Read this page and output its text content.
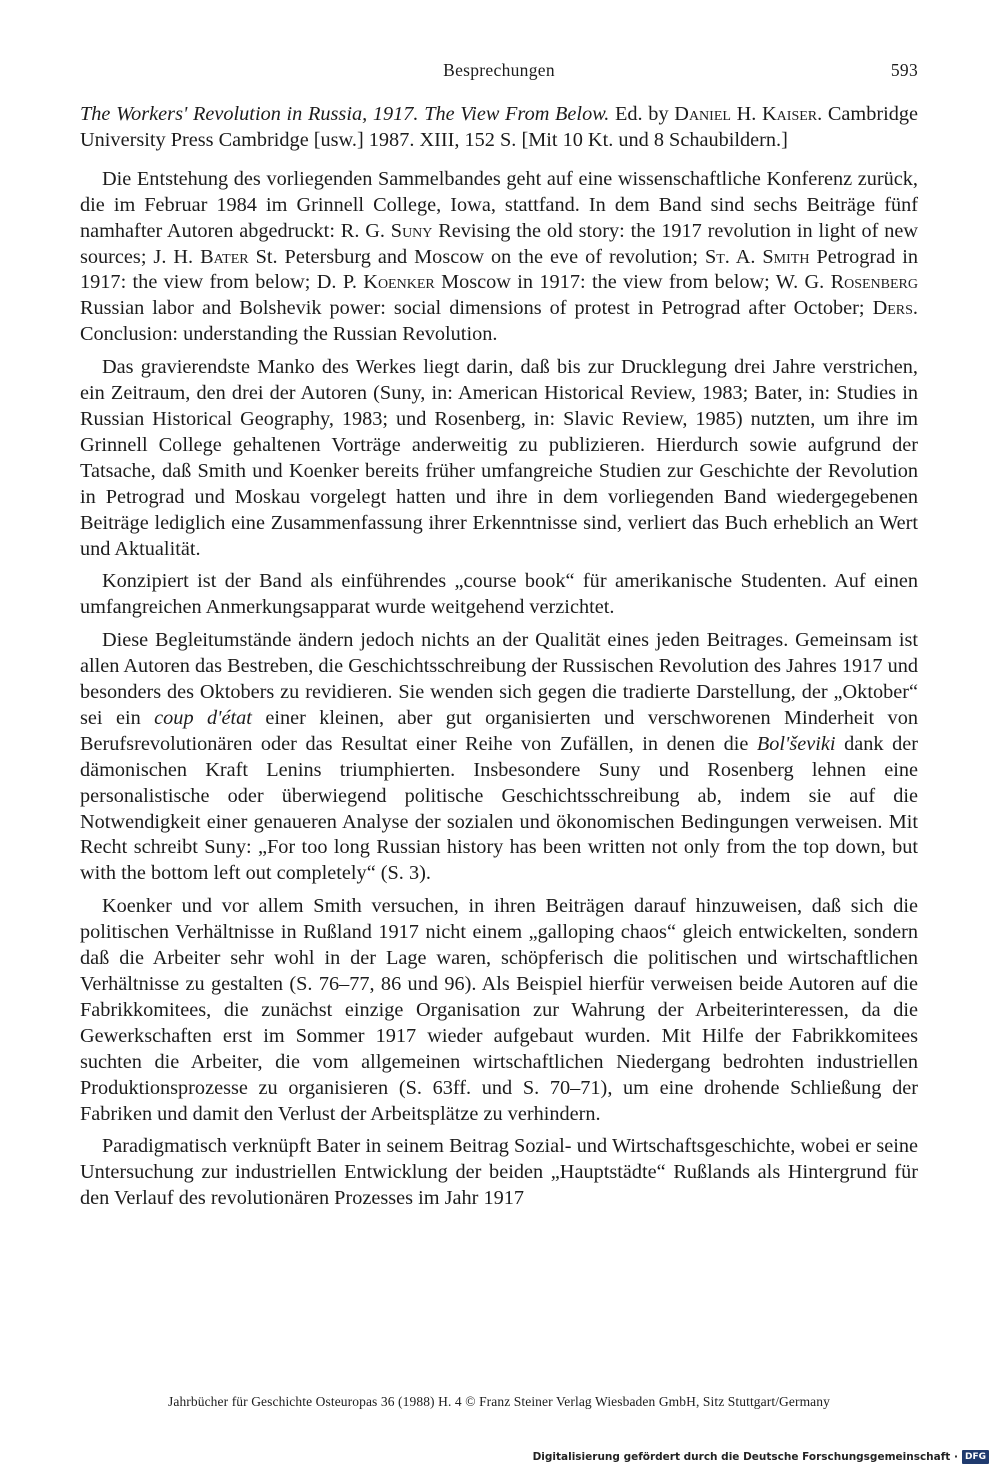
Besprechungen	593
The Workers' Revolution in Russia, 1917. The View From Below. Ed. by Daniel H. Kaiser. Cambridge University Press Cambridge [usw.] 1987. XIII, 152 S. [Mit 10 Kt. und 8 Schaubildern.]

Die Entstehung des vorliegenden Sammelbandes geht auf eine wissenschaftliche Konferenz zurück, die im Februar 1984 im Grinnell College, Iowa, stattfand. In dem Band sind sechs Beiträge fünf namhafter Autoren abgedruckt: R. G. Suny Revising the old story: the 1917 revolution in light of new sources; J. H. Bater St. Petersburg and Moscow on the eve of revolution; St. A. Smith Petrograd in 1917: the view from below; D. P. Koenker Moscow in 1917: the view from below; W. G. Rosenberg Russian labor and Bolshevik power: social dimensions of protest in Petrograd after October; Ders. Conclusion: understanding the Russian Revolution.

Das gravierendste Manko des Werkes liegt darin, daß bis zur Drucklegung drei Jahre verstrichen, ein Zeitraum, den drei der Autoren (Suny, in: American Historical Review, 1983; Bater, in: Studies in Russian Historical Geography, 1983; und Rosenberg, in: Slavic Review, 1985) nutzten, um ihre im Grinnell College gehaltenen Vorträge anderweitig zu publizieren. Hierdurch sowie aufgrund der Tatsache, daß Smith und Koenker bereits früher umfangreiche Studien zur Geschichte der Revolution in Petrograd und Moskau vorgelegt hatten und ihre in dem vorliegenden Band wiedergegebenen Beiträge lediglich eine Zusammenfassung ihrer Erkenntnisse sind, verliert das Buch erheblich an Wert und Aktualität.

Konzipiert ist der Band als einführendes „course book“ für amerikanische Studenten. Auf einen umfangreichen Anmerkungsapparat wurde weitgehend verzichtet.

Diese Begleitumstände ändern jedoch nichts an der Qualität eines jeden Beitrages. Gemeinsam ist allen Autoren das Bestreben, die Geschichtsschreibung der Russischen Revolution des Jahres 1917 und besonders des Oktobers zu revidieren. Sie wenden sich gegen die tradierte Darstellung, der „Oktober“ sei ein coup d'état einer kleinen, aber gut organisierten und verschworenen Minderheit von Berufsrevolutionären oder das Resultat einer Reihe von Zufällen, in denen die Bol'ševiki dank der dämonischen Kraft Lenins triumphierten. Insbesondere Suny und Rosenberg lehnen eine personalistische oder überwiegend politische Geschichtsschreibung ab, indem sie auf die Notwendigkeit einer genaueren Analyse der sozialen und ökonomischen Bedingungen verweisen. Mit Recht schreibt Suny: „For too long Russian history has been written not only from the top down, but with the bottom left out completely“ (S. 3).

Koenker und vor allem Smith versuchen, in ihren Beiträgen darauf hinzuweisen, daß sich die politischen Verhältnisse in Rußland 1917 nicht einem „galloping chaos“ gleich entwickelten, sondern daß die Arbeiter sehr wohl in der Lage waren, schöpferisch die politischen und wirtschaftlichen Verhältnisse zu gestalten (S. 76–77, 86 und 96). Als Beispiel hierfür verweisen beide Autoren auf die Fabrikkomitees, die zunächst einzige Organisation zur Wahrung der Arbeiterinteressen, da die Gewerkschaften erst im Sommer 1917 wieder aufgebaut wurden. Mit Hilfe der Fabrikkomitees suchten die Arbeiter, die vom allgemeinen wirtschaftlichen Niedergang bedrohten industriellen Produktionsprozesse zu organisieren (S. 63ff. und S. 70–71), um eine drohende Schließung der Fabriken und damit den Verlust der Arbeitsplätze zu verhindern.

Paradigmatisch verknüpft Bater in seinem Beitrag Sozial- und Wirtschaftsgeschichte, wobei er seine Untersuchung zur industriellen Entwicklung der beiden „Hauptstädte“ Rußlands als Hintergrund für den Verlauf des revolutionären Prozesses im Jahr 1917

Jahrbücher für Geschichte Osteuropas 36 (1988) H. 4 © Franz Steiner Verlag Wiesbaden GmbH, Sitz Stuttgart/Germany
Digitalisierung gefördert durch die Deutsche Forschungsgemeinschaft · DFG
